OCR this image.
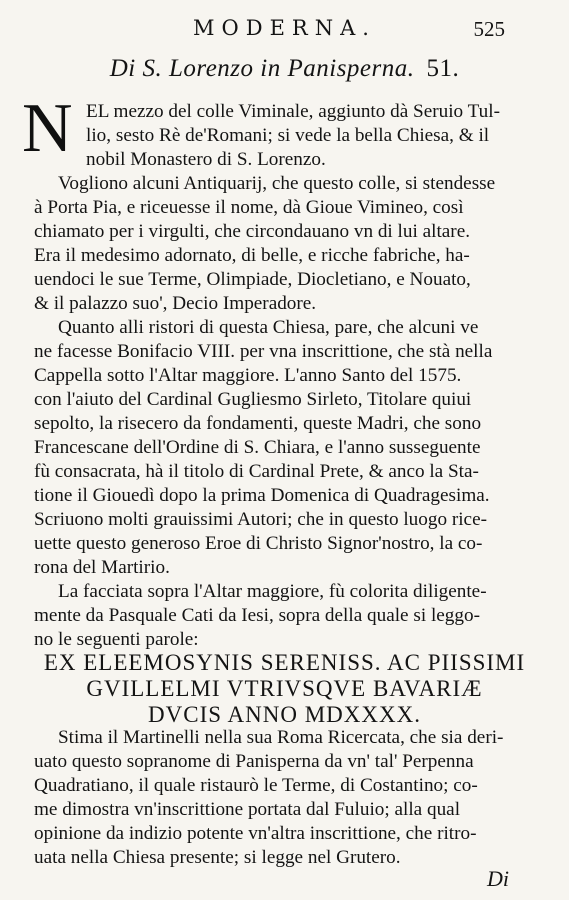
MODERNA.	525
Di S. Lorenzo in Panisperna. 51.
N EL mezzo del colle Viminale, aggiunto dà Seruio Tul-
lio, sesto Rè de'Romani; si vede la bella Chiesa, & il
nobil Monastero di S. Lorenzo.
Vogliono alcuni Antiquarij, che questo colle, si stendesse
à Porta Pia, e riceuesse il nome, dà Gioue Vimineo, così
chiamato per i virgulti, che circondauano vn di lui altare.
Era il medesimo adornato, di belle, e ricche fabriche, ha-
uendoci le sue Terme, Olimpiade, Diocletiano, e Nouato,
& il palazzo suo', Decio Imperadore.
Quanto alli ristori di questa Chiesa, pare, che alcuni ve
ne facesse Bonifacio VIII. per vna inscrittione, che stà nella
Cappella sotto l'Altar maggiore. L'anno Santo del 1575.
con l'aiuto del Cardinal Gugliesmo Sirleto, Titolare quiui
sepolto, la risecero da fondamenti, queste Madri, che sono
Francescane dell'Ordine di S. Chiara, e l'anno susseguente
fù consacrata, hà il titolo di Cardinal Prete, & anco la Sta-
tione il Giouedì dopo la prima Domenica di Quadragesima.
Scriuono molti grauissimi Autori; che in questo luogo rice-
uette questo generoso Eroe di Christo Signor'nostro, la co-
rona del Martirio.
La facciata sopra l'Altar maggiore, fù colorita diligente-
mente da Pasquale Cati da Iesi, sopra della quale si leggo-
no le seguenti parole:
EX ELEEMOSYNIS SERENISS. AC PIISSIMI
GVILLELMI VTRIVSQVE BAVARIÆ
DVCIS ANNO MDXXXX.
Stima il Martinelli nella sua Roma Ricercata, che sia deri-
uato questo sopranome di Panisperna da vn' tal' Perpenna
Quadratiano, il quale ristaurò le Terme, di Costantino; co-
me dimostra vn'inscrittione portata dal Fuluio; alla qual
opinione da indizio potente vn'altra inscrittione, che ritro-
uata nella Chiesa presente; si legge nel Grutero.
Di
